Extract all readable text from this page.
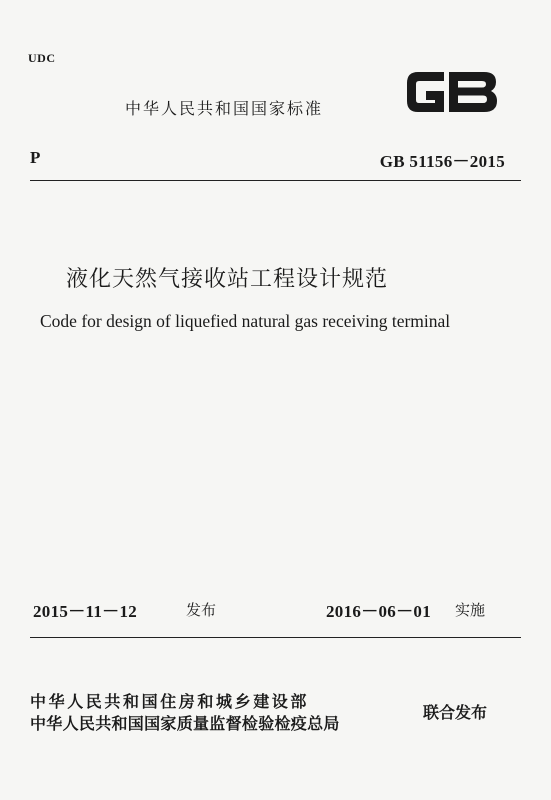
UDC
中华人民共和国国家标准
P	GB 51156－2015
液化天然气接收站工程设计规范
Code for design of liquefied natural gas receiving terminal
2015－11－12	发布	2016－06－01 实施
中华人民共和国住房和城乡建设部
中华人民共和国国家质量监督检验检疫总局
联合发布
